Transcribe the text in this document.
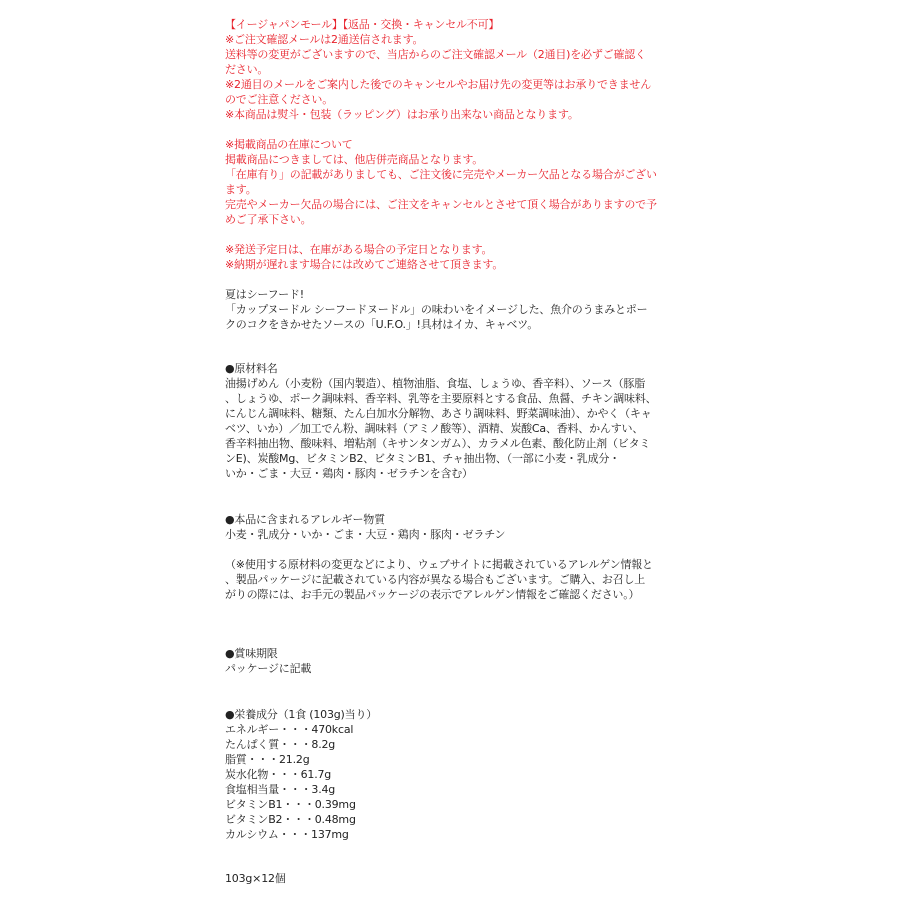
【イージャパンモール】【返品・交換・キャンセル不可】
※ご注文確認メールは2通送信されます。
送料等の変更がございますので、当店からのご注文確認メール（2通目)を必ずご確認く
ださい。
※2通目のメールをご案内した後でのキャンセルやお届け先の変更等はお承りできません
のでご注意ください。
※本商品は熨斗・包装（ラッピング）はお承り出来ない商品となります。
※掲載商品の在庫について
掲載商品につきましては、他店併売商品となります。
「在庫有り」の記載がありましても、ご注文後に完売やメーカー欠品となる場合がござい
ます。
完売やメーカー欠品の場合には、ご注文をキャンセルとさせて頂く場合がありますので予
めご了承下さい。
※発送予定日は、在庫がある場合の予定日となります。
※納期が遅れます場合には改めてご連絡させて頂きます。
夏はシーフード!
「カップヌードル シーフードヌードル」の味わいをイメージした、魚介のうまみとポー
クのコクをきかせたソースの「U.F.O.」!具材はイカ、キャベツ。
●原材料名
油揚げめん（小麦粉（国内製造）、植物油脂、食塩、しょうゆ、香辛料）、ソース（豚脂
、しょうゆ、ポーク調味料、香辛料、乳等を主要原料とする食品、魚醤、チキン調味料、
にんじん調味料、糖類、たん白加水分解物、あさり調味料、野菜調味油）、かやく（キャ
ベツ、いか）／加工でん粉、調味料（アミノ酸等）、酒精、炭酸Ca、香料、かんすい、
香辛料抽出物、酸味料、増粘剤（キサンタンガム）、カラメル色素、酸化防止剤（ビタミ
ンE)、炭酸Mg、ビタミンB2、ビタミンB1、チャ抽出物、（一部に小麦・乳成分・
いか・ごま・大豆・鶏肉・豚肉・ゼラチンを含む）
●本品に含まれるアレルギー物質
小麦・乳成分・いか・ごま・大豆・鶏肉・豚肉・ゼラチン
（※使用する原材料の変更などにより、ウェブサイトに掲載されているアレルゲン情報と
、製品パッケージに記載されている内容が異なる場合もございます。ご購入、お召し上
がりの際には、お手元の製品パッケージの表示でアレルゲン情報をご確認ください。）
●賞味期限
パッケージに記載
●栄養成分（1食 (103g)当り）
エネルギー・・・470kcal
たんぱく質・・・8.2g
脂質・・・21.2g
炭水化物・・・61.7g
食塩相当量・・・3.4g
ビタミンB1・・・0.39mg
ビタミンB2・・・0.48mg
カルシウム・・・137mg
103g×12個
